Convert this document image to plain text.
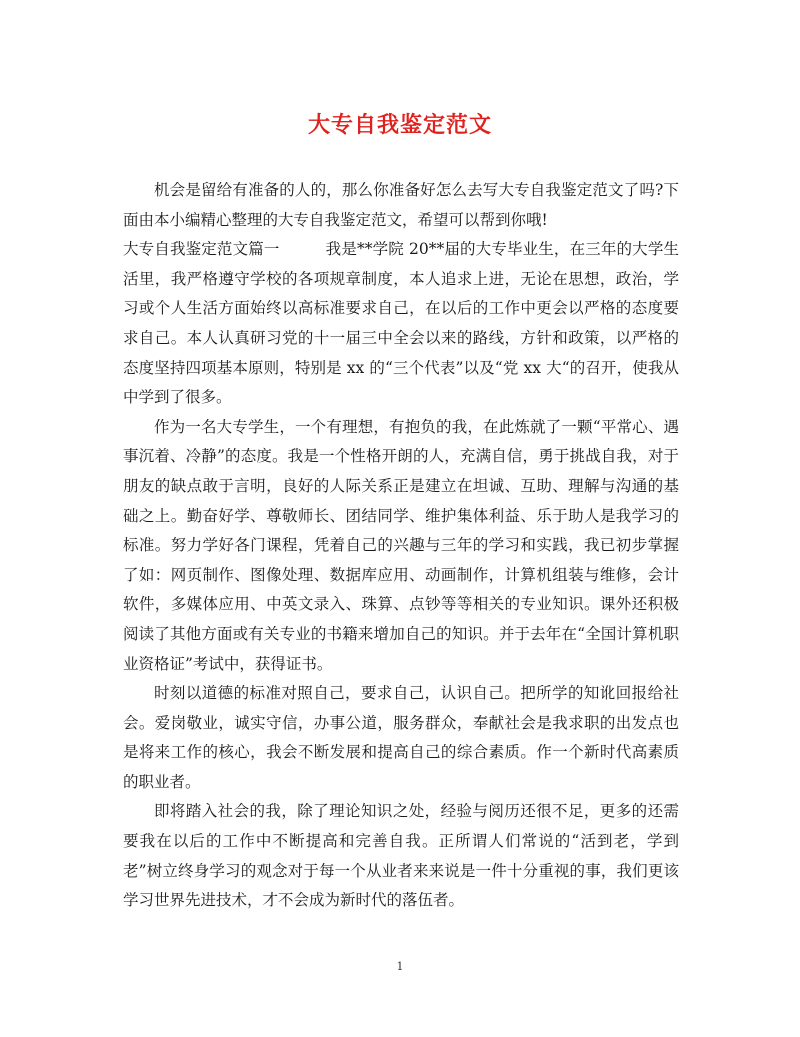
大专自我鉴定范文

机会是留给有准备的人的，那么你准备好怎么去写大专自我鉴定范文了吗?下面由本小编精心整理的大专自我鉴定范文，希望可以帮到你哦!

大专自我鉴定范文篇一	我是**学院 20**届的大专毕业生，在三年的大学生活里，我严格遵守学校的各项规章制度，本人追求上进，无论在思想，政治，学习或个人生活方面始终以高标准要求自己，在以后的工作中更会以严格的态度要求自己。本人认真研习党的十一届三中全会以来的路线，方针和政策，以严格的态度坚持四项基本原则，特别是 xx 的“三个代表”以及“党 xx 大“的召开，使我从中学到了很多。

作为一名大专学生，一个有理想，有抱负的我，在此炼就了一颗“平常心、遇事沉着、冷静”的态度。我是一个性格开朗的人，充满自信，勇于挑战自我，对于朋友的缺点敢于言明，良好的人际关系正是建立在坦诚、互助、理解与沟通的基础之上。勤奋好学、尊敬师长、团结同学、维护集体利益、乐于助人是我学习的标准。努力学好各门课程，凭着自己的兴趣与三年的学习和实践，我已初步掌握了如：网页制作、图像处理、数据库应用、动画制作，计算机组装与维修，会计软件，多媒体应用、中英文录入、珠算、点钞等等相关的专业知识。课外还积极阅读了其他方面或有关专业的书籍来增加自己的知识。并于去年在“全国计算机职业资格证”考试中，获得证书。

时刻以道德的标准对照自己，要求自己，认识自己。把所学的知讹回报给社会。爱岗敬业，诚实守信，办事公道，服务群众，奉献社会是我求职的出发点也是将来工作的核心，我会不断发展和提高自己的综合素质。作一个新时代高素质的职业者。

即将踏入社会的我，除了理论知识之处，经验与阅历还很不足，更多的还需要我在以后的工作中不断提高和完善自我。正所谓人们常说的“活到老，学到老”树立终身学习的观念对于每一个从业者来来说是一件十分重视的事，我们更该学习世界先进技术，才不会成为新时代的落伍者。

1
